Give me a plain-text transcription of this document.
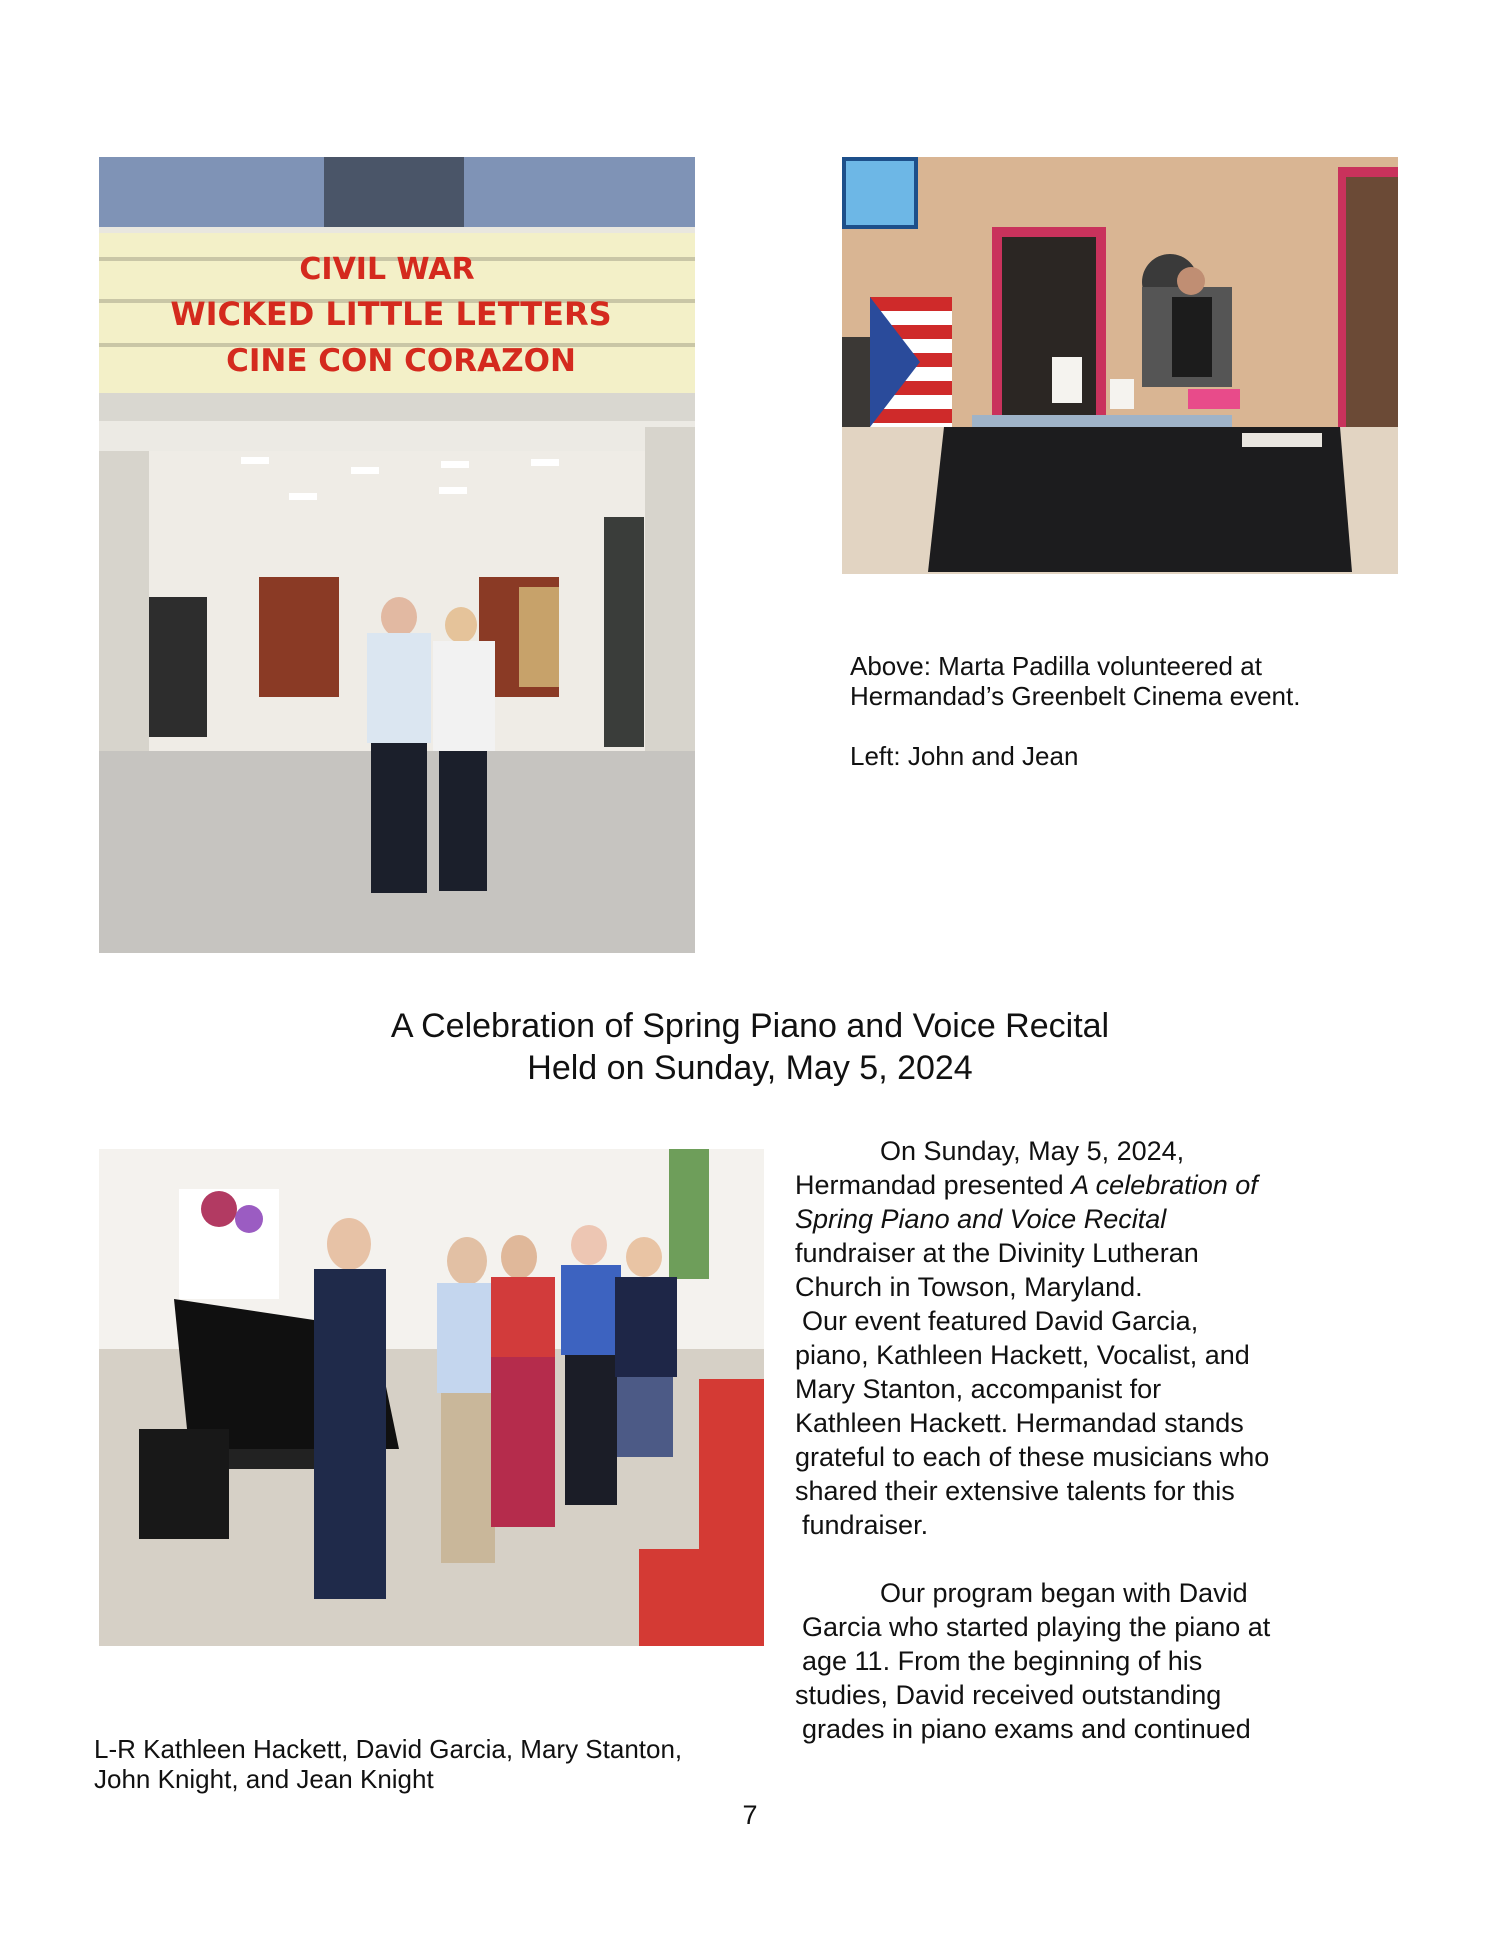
CIVIL WAR
WICKED LITTLE LETTERS
CINE CON CORAZON

Above: Marta Padilla volunteered at Hermandad’s Greenbelt Cinema event.

Left: John and Jean

A Celebration of Spring Piano and Voice Recital
Held on Sunday, May 5, 2024

L-R Kathleen Hackett, David Garcia, Mary Stanton,

John Knight, and Jean Knight

On Sunday, May 5, 2024,

Hermandad presented A celebration of

Spring Piano and Voice Recital

fundraiser at the Divinity Lutheran

Church in Towson, Maryland.

Our event featured David Garcia,

piano, Kathleen Hackett, Vocalist, and

Mary Stanton, accompanist for

Kathleen Hackett. Hermandad stands

grateful to each of these musicians who

shared their extensive talents for this

fundraiser.

Our program began with David

Garcia who started playing the piano at

age 11. From the beginning of his

studies, David received outstanding

grades in piano exams and continued

7
